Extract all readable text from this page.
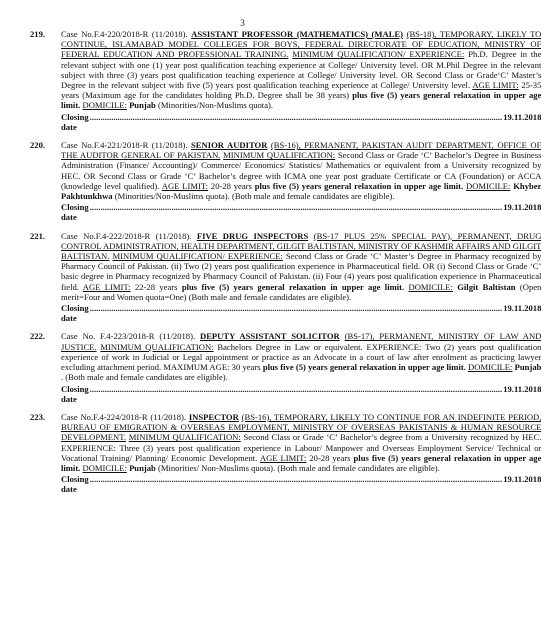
3
219.	Case No.F.4-220/2018-R (11/2018). ASSISTANT PROFESSOR (MATHEMATICS) (MALE) (BS-18), TEMPORARY, LIKELY TO CONTINUE, ISLAMABAD MODEL COLLEGES FOR BOYS, FEDERAL DIRECTORATE OF EDUCATION, MINISTRY OF FEDERAL EDUCATION AND PROFESSIONAL TRAINING. MINIMUM QUALIFICATION/ EXPERIENCE: Ph.D. Degree in the relevant subject with one (1) year post qualification teaching experience at College/ University level. OR M.Phil Degree in the relevant subject with three (3) years post qualification teaching experience at College/ University level. OR Second Class or Grade‘C’ Master’s Degree in the relevant subject with five (5) years post qualification teaching experience at College/ University level. AGE LIMIT: 25-35 years (Maximum age for the candidates holding Ph.D. Degree shall be 38 years) plus five (5) years general relaxation in upper age limit. DOMICILE: Punjab (Minorities/Non-Muslims quota).

Closing date
.....
19.11.2018
220.	Case No.F.4-221/2018-R (11/2018). SENIOR AUDITOR (BS-16), PERMANENT, PAKISTAN AUDIT DEPARTMENT, OFFICE OF THE AUDITOR GENERAL OF PAKISTAN. MINIMUM QUALIFICATION: Second Class or Grade ‘C’ Bachelor’s Degree in Business Administration (Finance/ Accounting)/ Commerce/ Economics/ Statistics/ Mathematics or equivalent from a University recognized by HEC. OR Second Class or Grade ‘C’ Bachelor’s degree with ICMA one year post graduate Certificate or CA (Foundation) or ACCA (knowledge level qualified). AGE LIMIT: 20-28 years plus five (5) years general relaxation in upper age limit. DOMICILE: Khyber Pakhtunkhwa (Minorities/Non-Muslims quota). (Both male and female candidates are eligible).

Closing date
.....
19.11.2018
221.	Case No.F.4-222/2018-R (11/2018). FIVE DRUG INSPECTORS (BS-17 PLUS 25% SPECIAL PAY), PERMANENT, DRUG CONTROL ADMINISTRATION, HEALTH DEPARTMENT, GILGIT BALTISTAN, MINISTRY OF KASHMIR AFFAIRS AND GILGIT BALTISTAN. MINIMUM QUALIFICATION/ EXPERIENCE: Second Class or Grade ‘C’ Master’s Degree in Pharmacy recognized by Pharmacy Council of Pakistan. (ii) Two (2) years post qualification experience in Pharmaceutical field. OR (i) Second Class or Grade ‘C’ basic degree in Pharmacy recognized by Pharmacy Council of Pakistan. (ii) Four (4) years post qualification experience in Pharmaceutical field. AGE LIMIT: 22-28 years plus five (5) years general relaxation in upper age limit. DOMICILE: Gilgit Baltistan (Open merit=Four and Women quota=One) (Both male and female candidates are eligible).

Closing date
.....
19.11.2018
222.	Case No. F.4-223/2018-R (11/2018). DEPUTY ASSISTANT SOLICITOR (BS-17), PERMANENT, MINISTRY OF LAW AND JUSTICE. MINIMUM QUALIFICATION: Bachelors Degree in Law or equivalent. EXPERIENCE: Two (2) years post qualification experience of work in Judicial or Legal appointment or practice as an Advocate in a court of law after enrolment as practicing lawyer excluding attachment period. MAXIMUM AGE: 30 years plus five (5) years general relaxation in upper age limit. DOMICILE: Punjab . (Both male and female candidates are eligible).

Closing date
.....
19.11.2018
223.	Case No.F.4-224/2018-R (11/2018). INSPECTOR (BS-16), TEMPORARY, LIKELY TO CONTINUE FOR AN INDEFINITE PERIOD, BUREAU OF EMIGRATION & OVERSEAS EMPLOYMENT, MINISTRY OF OVERSEAS PAKISTANIS & HUMAN RESOURCE DEVELOPMENT. MINIMUM QUALIFICATION: Second Class or Grade ‘C’ Bachelor’s degree from a University recognized by HEC. EXPERIENCE: Three (3) years post qualification experience in Labour/ Manpower and Overseas Employment Service/ Technical or Vocational Training/ Planning/ Economic Development. AGE LIMIT: 20-28 years plus five (5) years general relaxation in upper age limit. DOMICILE: Punjab (Minorities/ Non-Muslims quota). (Both male and female candidates are eligible).

Closing date
.....
19.11.2018
